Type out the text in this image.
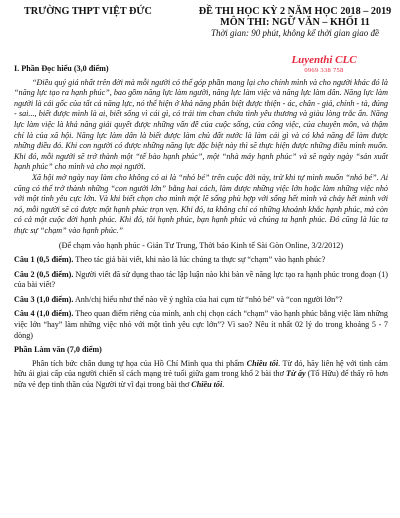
TRƯỜNG THPT VIỆT ĐỨC	ĐỀ THI HỌC KỲ 2 NĂM HỌC 2018 – 2019
MÔN THI: NGỮ VĂN – KHỐI 11
Thời gian: 90 phút, không kể thời gian giao đề
Luyenthi CLC
0969 338 758

I. Phần Đọc hiểu (3,0 điểm)

“Điều quý giá nhất trên đời mà mỗi người có thể góp phần mang lại cho chính mình và cho người khác đó là “năng lực tạo ra hạnh phúc”, bao gồm năng lực làm người, năng lực làm việc và năng lực làm dân. Năng lực làm người là cái gốc của tất cả năng lực, nó thể hiện ở khả năng phân biệt được thiện - ác, chân - giả, chính - tà, đúng - sai..., biết được mình là ai, biết sống vì cái gì, có trái tim chan chứa tình yêu thương và giàu lòng trắc ẩn. Năng lực làm việc là khả năng giải quyết được những vấn đề của cuộc sống, của công việc, của chuyên môn, và thậm chí là của xã hội. Năng lực làm dân là biết được làm chủ đất nước là làm cái gì và có khả năng để làm được những điều đó. Khi con người có được những năng lực đặc biệt này thì sẽ thực hiện được những điều mình muốn. Khi đó, mỗi người sẽ trở thành một “tế bào hạnh phúc”, một “nhà máy hạnh phúc” và sẽ ngày ngày “sản xuất hạnh phúc” cho mình và cho mọi người.

Xã hội mở ngày nay làm cho không có ai là “nhỏ bé” trên cuộc đời này, trừ khi tự mình muốn “nhỏ bé”. Ai cũng có thể trở thành những “con người lớn” bằng hai cách, làm được những việc lớn hoặc làm những việc nhỏ với một tình yêu cực lớn. Và khi biết chọn cho mình một lẽ sống phù hợp với sống hết mình và cháy hết mình với nó, mỗi người sẽ có được một hạnh phúc trọn vẹn. Khi đó, ta không chỉ có những khoảnh khắc hạnh phúc, mà còn có cả một cuộc đời hạnh phúc. Khi đó, tôi hạnh phúc, bạn hạnh phúc và chúng ta hạnh phúc. Đó cũng là lúc ta thực sự “chạm” vào hạnh phúc.”

(Để chạm vào hạnh phúc - Giản Tư Trung, Thời báo Kinh tế Sài Gòn Online, 3/2/2012)

Câu 1 (0,5 điểm). Theo tác giả bài viết, khi nào là lúc chúng ta thực sự “chạm” vào hạnh phúc?

Câu 2 (0,5 điểm). Người viết đã sử dụng thao tác lập luận nào khi bàn về năng lực tạo ra hạnh phúc trong đoạn (1) của bài viết?

Câu 3 (1,0 điểm). Anh/chị hiểu như thế nào về ý nghĩa của hai cụm từ “nhỏ bé” và “con người lớn”?

Câu 4 (1,0 điểm). Theo quan điểm riêng của mình, anh chị chọn cách “chạm” vào hạnh phúc bằng việc làm những việc lớn “hay” làm những việc nhỏ với một tình yêu cực lớn”? Vì sao? Nêu ít nhất 02 lý do trong khoảng 5 - 7 dòng)

Phần Làm văn (7,0 điểm)

Phân tích bức chân dung tự họa của Hồ Chí Minh qua thi phẩm Chiều tối. Từ đó, hãy liên hệ với tình cảm hữu ái giai cấp của người chiến sĩ cách mạng trẻ tuổi giữa gam trong khổ 2 bài thơ Từ ấy (Tố Hữu) để thấy rõ hơn nữa vẻ đẹp tinh thần của Người từ vĩ đại trong bài thơ Chiều tối.
